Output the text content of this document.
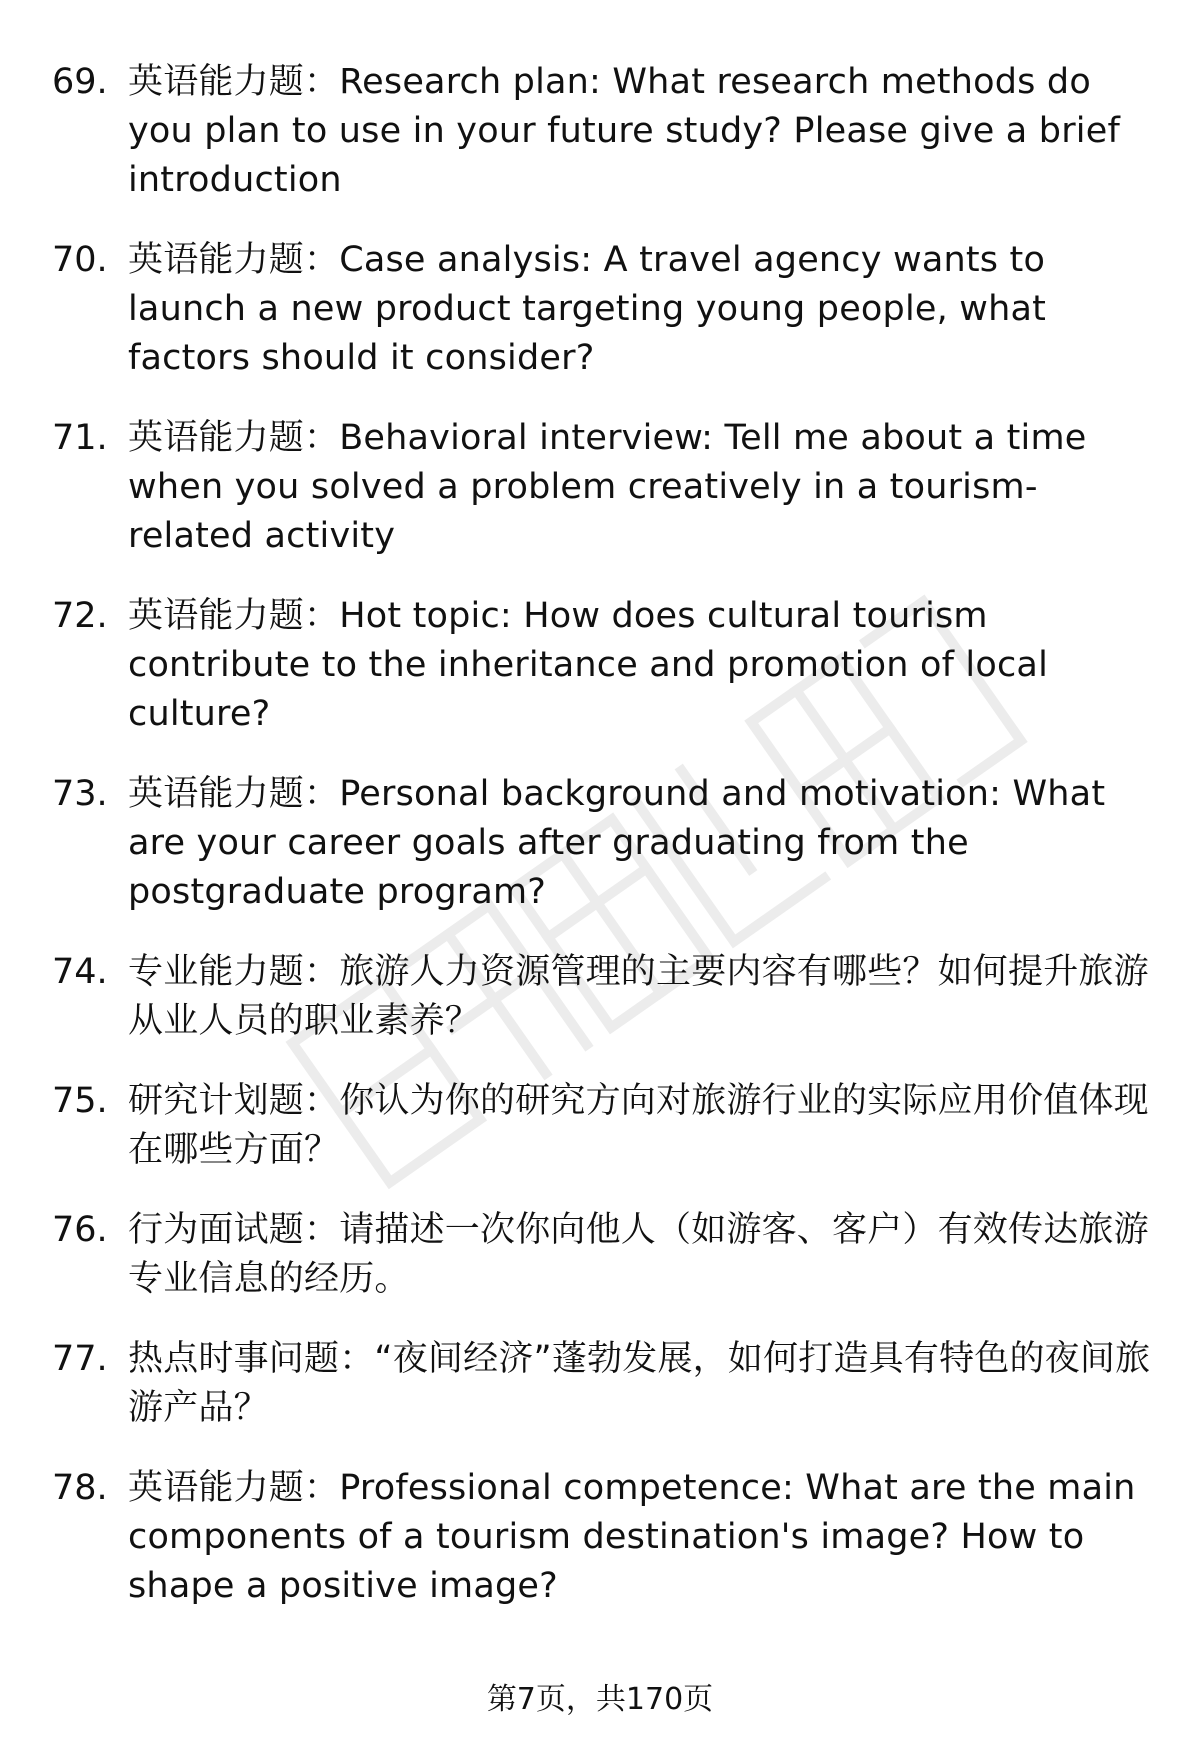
69. 英语能力题：Research plan: What research methods do you plan to use in your future study? Please give a brief introduction
70. 英语能力题：Case analysis: A travel agency wants to launch a new product targeting young people, what factors should it consider?
71. 英语能力题：Behavioral interview: Tell me about a time when you solved a problem creatively in a tourism-related activity
72. 英语能力题：Hot topic: How does cultural tourism contribute to the inheritance and promotion of local culture?
73. 英语能力题：Personal background and motivation: What are your career goals after graduating from the postgraduate program?
74. 专业能力题：旅游人力资源管理的主要内容有哪些？如何提升旅游从业人员的职业素养？
75. 研究计划题：你认为你的研究方向对旅游行业的实际应用价值体现在哪些方面？
76. 行为面试题：请描述一次你向他人（如游客、客户）有效传达旅游专业信息的经历。
77. 热点时事问题：“夜间经济”蓬勃发展，如何打造具有特色的夜间旅游产品？
78. 英语能力题：Professional competence: What are the main components of a tourism destination's image? How to shape a positive image?
第7页，共170页
